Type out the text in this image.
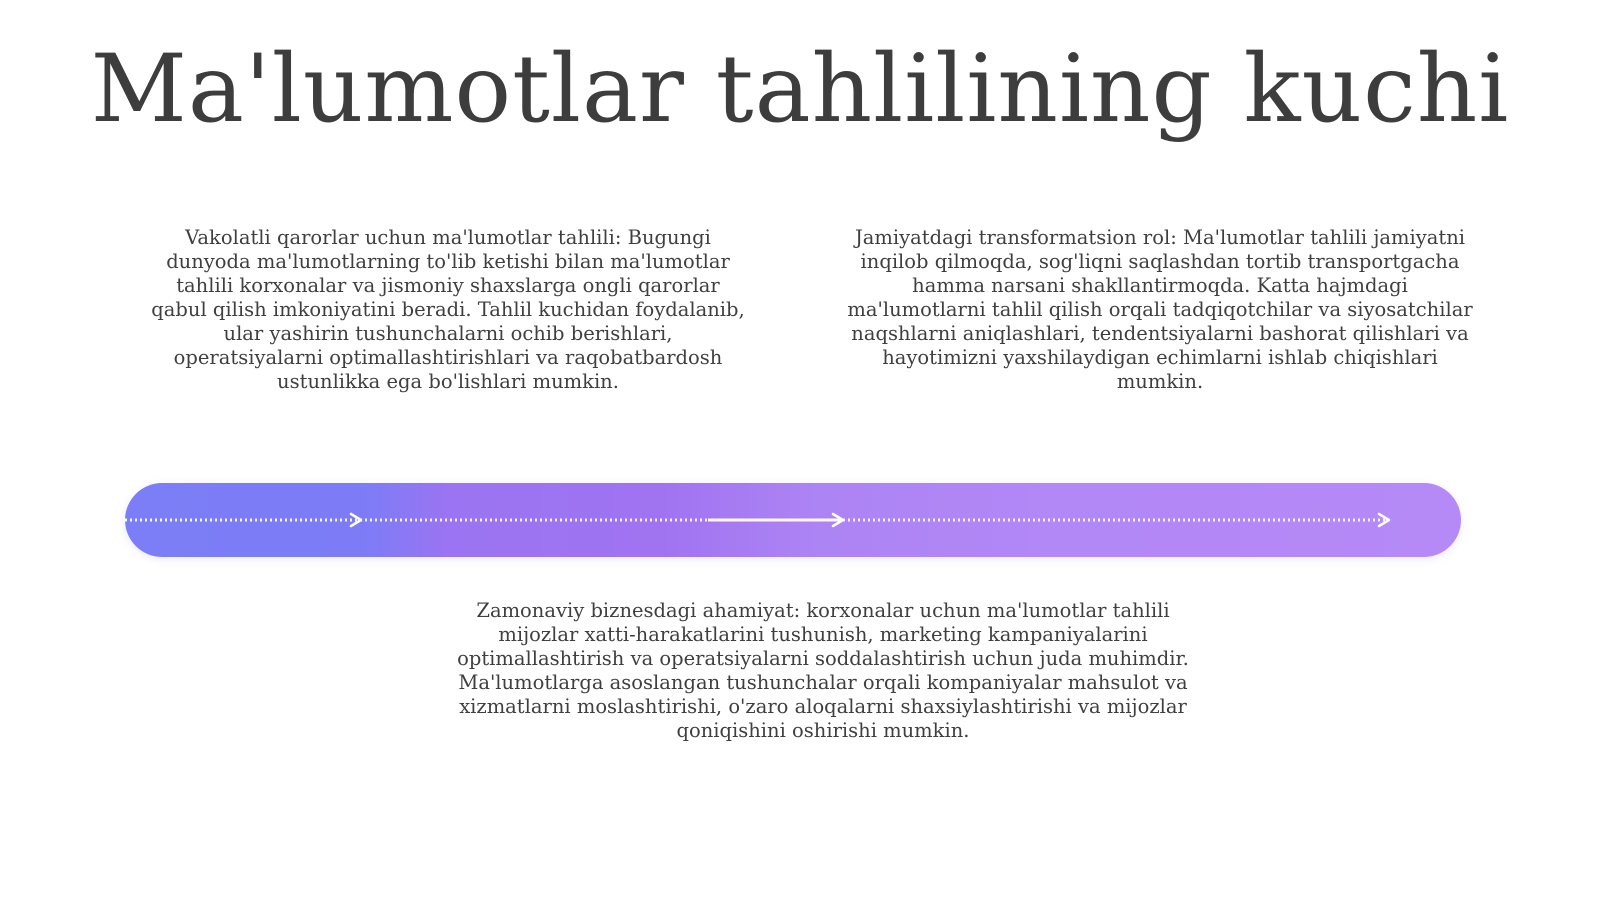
Ma'lumotlar tahlilining kuchi

Vakolatli qarorlar uchun ma'lumotlar tahlili: Bugungi dunyoda ma'lumotlarning to'lib ketishi bilan ma'lumotlar tahlili korxonalar va jismoniy shaxslarga ongli qarorlar qabul qilish imkoniyatini beradi. Tahlil kuchidan foydalanib, ular yashirin tushunchalarni ochib berishlari, operatsiyalarni optimallashtirishlari va raqobatbardosh ustunlikka ega bo'lishlari mumkin.

Jamiyatdagi transformatsion rol: Ma'lumotlar tahlili jamiyatni inqilob qilmoqda, sog'liqni saqlashdan tortib transportgacha hamma narsani shakllantirmoqda. Katta hajmdagi ma'lumotlarni tahlil qilish orqali tadqiqotchilar va siyosatchilar naqshlarni aniqlashlari, tendentsiyalarni bashorat qilishlari va hayotimizni yaxshilaydigan echimlarni ishlab chiqishlari mumkin.

Zamonaviy biznesdagi ahamiyat: korxonalar uchun ma'lumotlar tahlili mijozlar xatti-harakatlarini tushunish, marketing kampaniyalarini optimallashtirish va operatsiyalarni soddalashtirish uchun juda muhimdir. Ma'lumotlarga asoslangan tushunchalar orqali kompaniyalar mahsulot va xizmatlarni moslashtirishi, o'zaro aloqalarni shaxsiylashtirishi va mijozlar qoniqishini oshirishi mumkin.
